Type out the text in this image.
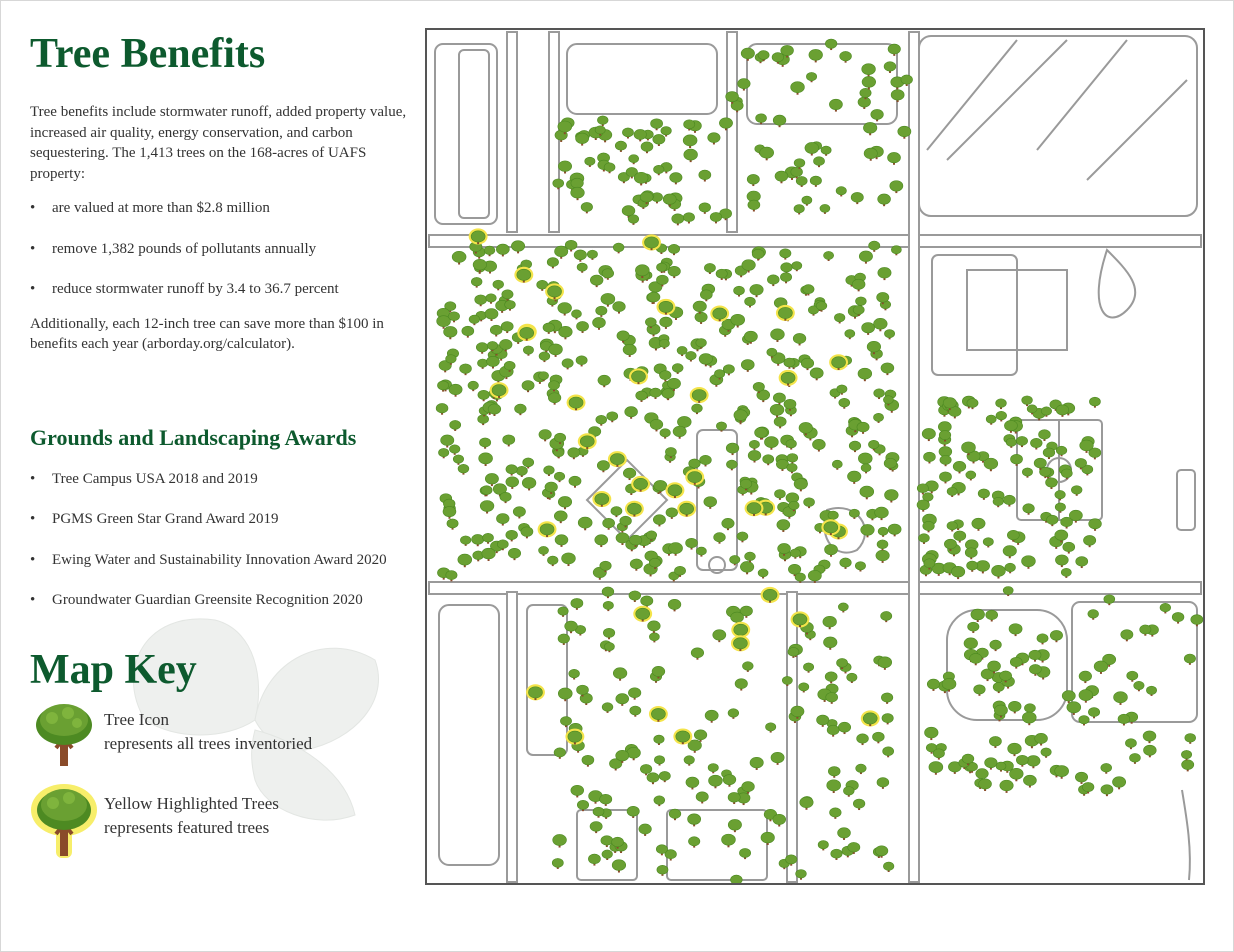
Tree Benefits
Tree benefits include stormwater runoff, added property value, increased air quality, energy conservation, and carbon sequestering. The 1,413 trees on the 168-acres of UAFS property:
• are valued at more than $2.8 million
• remove 1,382 pounds of pollutants annually
• reduce stormwater runoff by 3.4 to 36.7 percent
Additionally, each 12-inch tree can save more than $100 in benefits each year (arborday.org/calculator).
Grounds and Landscaping Awards
• Tree Campus USA 2018 and 2019
• PGMS Green Star Grand Award 2019
• Ewing Water and Sustainability Innovation Award 2020
• Groundwater Guardian Greensite Recognition 2020
Map Key
Tree Icon
represents all trees inventoried
Yellow Highlighted Trees
represents featured trees
